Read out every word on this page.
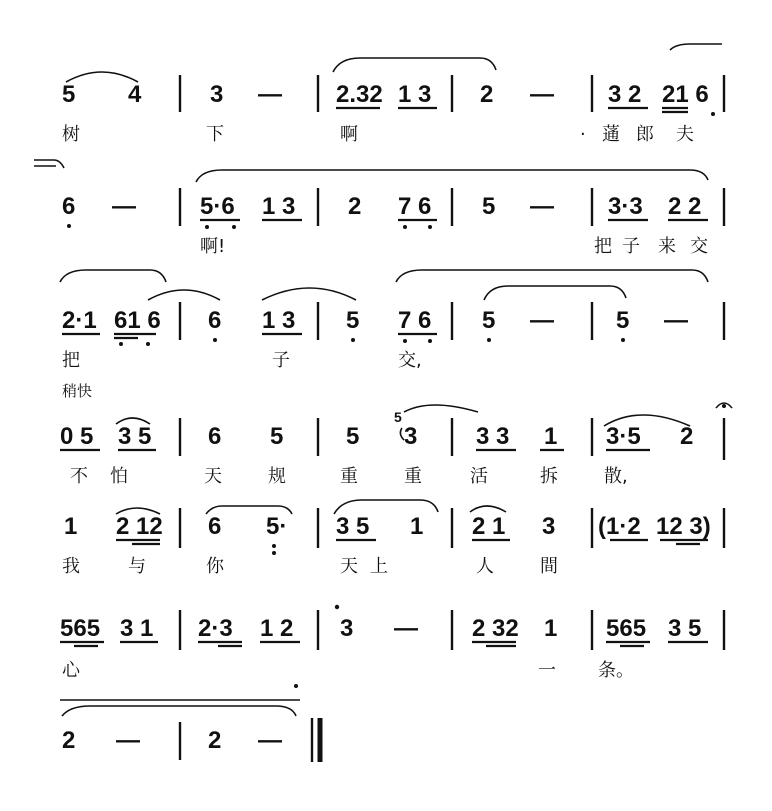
5 4	3 — 2.32 1 3 2 — 3 2 21 6
树	下	啊	· 蓪 郎 夫
6 —	5·6 1 3 2 7 6 5 — 3·3 2 2
啊!	把 子 来 交
2·1 61 6 6 1 3 5 7 6 5 —	5 —
把	子	交,
稍快
0 5 3 5 6 5	5
5
3 3 3 1 3·5 2
不 怕	天	规	重	重	活	拆	散,
1 2 12 6 5· 3 5 1 2 1 3 (1·2 12 3)
我	与	你	天 上	人	間
565 3 1 2·3 1 2 3 — 2 32 1 565 3 5
心	一 条。
2 —	2 —
